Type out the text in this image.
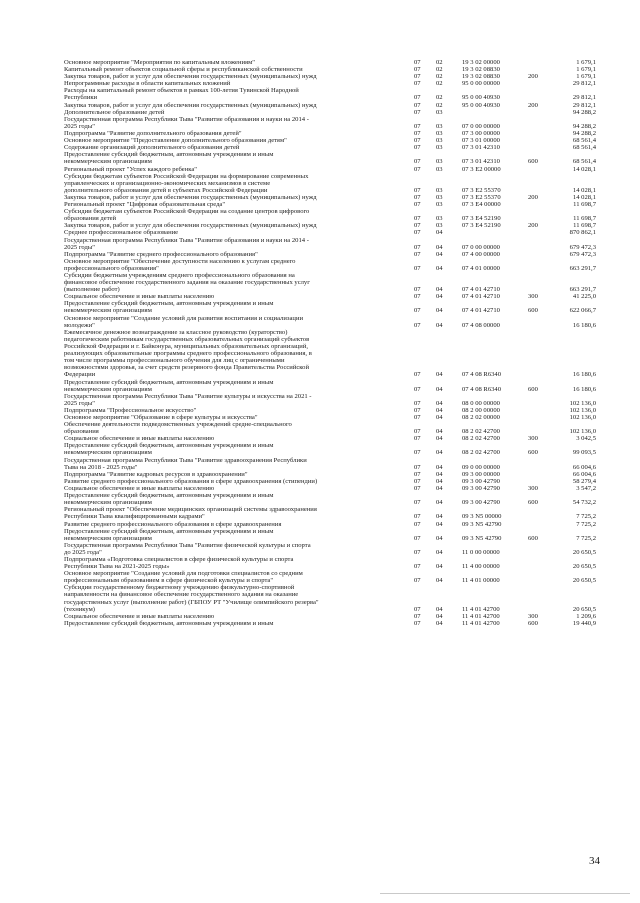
Основное мероприятие "Мероприятия по капитальным вложениям"	07	02	19 3 02 00000	1 679,1
Капитальный ремонт объектов социальной сферы и республиканской собственности	07	02	19 3 02 08830	1 679,1
Закупка товаров, работ и услуг для обеспечения государственных (муниципальных) нужд	07	02	19 3 02 08830	200	1 679,1
Непрограммные расходы в области капитальных вложений	07	02	95 0 00 00000	29 812,1
Расходы на капитальный ремонт объектов в рамках 100-летия Тувинской Народной
Республики	07	02	95 0 00 40930	29 812,1
Закупка товаров, работ и услуг для обеспечения государственных (муниципальных) нужд	07	02	95 0 00 40930	200	29 812,1
Дополнительное образование детей	07	03	94 288,2
Государственная программа Республики Тыва "Развитие образования и науки на 2014 -
2025 годы"	07	03	07 0 00 00000	94 288,2
Подпрограмма "Развитие дополнительного образования детей"	07	03	07 3 00 00000	94 288,2
Основное мероприятие "Предоставление дополнительного образования детям"	07	03	07 3 01 00000	68 561,4
Содержание организаций дополнительного образования детей	07	03	07 3 01 42310	68 561,4
Предоставление субсидий бюджетным, автономным учреждениям и иным
некоммерческим организациям	07	03	07 3 01 42310	600	68 561,4
Региональный проект "Успех каждого ребенка"	07	03	07 3 E2 00000	14 028,1
Субсидии бюджетам субъектов Российской Федерации на формирование современных
управленческих и организационно-экономических механизмов в системе
дополнительного образования детей в субъектах Российской Федерации	07	03	07 3 E2 55370	14 028,1
Закупка товаров, работ и услуг для обеспечения государственных (муниципальных) нужд	07	03	07 3 E2 55370	200	14 028,1
Региональный проект "Цифровая образовательная среда"	07	03	07 3 E4 00000	11 698,7
Субсидии бюджетам субъектов Российской Федерации на создание центров цифрового
образования детей	07	03	07 3 E4 52190	11 698,7
Закупка товаров, работ и услуг для обеспечения государственных (муниципальных) нужд	07	03	07 3 E4 52190	200	11 698,7
Среднее профессиональное образование	07	04	870 862,1
Государственная программа Республики Тыва "Развитие образования и науки на 2014 -
2025 годы"	07	04	07 0 00 00000	679 472,3
Подпрограмма "Развитие среднего профессионального образования"	07	04	07 4 00 00000	679 472,3
Основное мероприятие "Обеспечение доступности населению к услугам среднего
профессионального образования"	07	04	07 4 01 00000	663 291,7
Субсидии бюджетным учреждениям среднего профессионального образования на
финансовое обеспечение государственного задания на оказание государственных услуг
(выполнение работ)	07	04	07 4 01 42710	663 291,7
Социальное обеспечение и иные выплаты населению	07	04	07 4 01 42710	300	41 225,0
Предоставление субсидий бюджетным, автономным учреждениям и иным
некоммерческим организациям	07	04	07 4 01 42710	600	622 066,7
Основное мероприятие "Создание условий для развития воспитания и социализации
молодежи"	07	04	07 4 08 00000	16 180,6
Ежемесячное денежное вознаграждение за классное руководство (кураторство)
педагогическим работникам государственных образовательных организаций субъектов
Российской Федерации и г. Байконура, муниципальных образовательных организаций,
реализующих образовательные программы среднего профессионального образования, в
том числе программы профессионального обучения для лиц с ограниченными
возможностями здоровья, за счет средств резервного фонда Правительства Российской
Федерации	07	04	07 4 08 R6340	16 180,6
Предоставление субсидий бюджетным, автономным учреждениям и иным
некоммерческим организациям	07	04	07 4 08 R6340	600	16 180,6
Государственная программа Республики Тыва "Развитие культуры и искусства на 2021 -
2025 годы"	07	04	08 0 00 00000	102 136,0
Подпрограмма "Профессиональное искусство"	07	04	08 2 00 00000	102 136,0
Основное мероприятие "Образование в сфере культуры и искусства"	07	04	08 2 02 00000	102 136,0
Обеспечение деятельности подведомственных учреждений средне-специального
образования	07	04	08 2 02 42700	102 136,0
Социальное обеспечение и иные выплаты населению	07	04	08 2 02 42700	300	3 042,5
Предоставление субсидий бюджетным, автономным учреждениям и иным
некоммерческим организациям	07	04	08 2 02 42700	600	99 093,5
Государственная программа Республики Тыва "Развитие здравоохранения Республики
Тыва на 2018 - 2025 годы"	07	04	09 0 00 00000	66 004,6
Подпрограмма "Развитие кадровых ресурсов в здравоохранении"	07	04	09 3 00 00000	66 004,6
Развитие среднего профессионального образования в сфере здравоохранения (стипендии)	07	04	09 3 00 42790	58 279,4
Социальное обеспечение и иные выплаты населению	07	04	09 3 00 42790	300	3 547,2
Предоставление субсидий бюджетным, автономным учреждениям и иным
некоммерческим организациям	07	04	09 3 00 42790	600	54 732,2
Региональный проект "Обеспечение медицинских организаций системы здравоохранения
Республики Тыва квалифицированными кадрами"	07	04	09 3 N5 00000	7 725,2
Развитие среднего профессионального образования в сфере здравоохранения	07	04	09 3 N5 42790	7 725,2
Предоставление субсидий бюджетным, автономным учреждениям и иным
некоммерческим организациям	07	04	09 3 N5 42790	600	7 725,2
Государственная программа Республики Тыва "Развитие физической культуры и спорта
до 2025 года"	07	04	11 0 00 00000	20 650,5
Подпрограмма «Подготовка специалистов в сфере физической культуры и спорта
Республики Тыва на 2021-2025 годы»	07	04	11 4 00 00000	20 650,5
Основное мероприятие "Создание условий для подготовки специалистов со средним
профессиональным образованием в сфере физической культуры и спорта"	07	04	11 4 01 00000	20 650,5
Субсидии государственному бюджетному учреждению физкультурно-спортивной
направленности на финансовое обеспечение государственного задания на оказание
государственных услуг (выполнение работ) (ГБПОУ РТ "Училище олимпийского резерва"
(техникум)	07	04	11 4 01 42700	20 650,5
Социальное обеспечение и иные выплаты населению	07	04	11 4 01 42700	300	1 209,6
Предоставление субсидий бюджетным, автономным учреждениям и иным	07	04	11 4 01 42700	600	19 440,9
34
